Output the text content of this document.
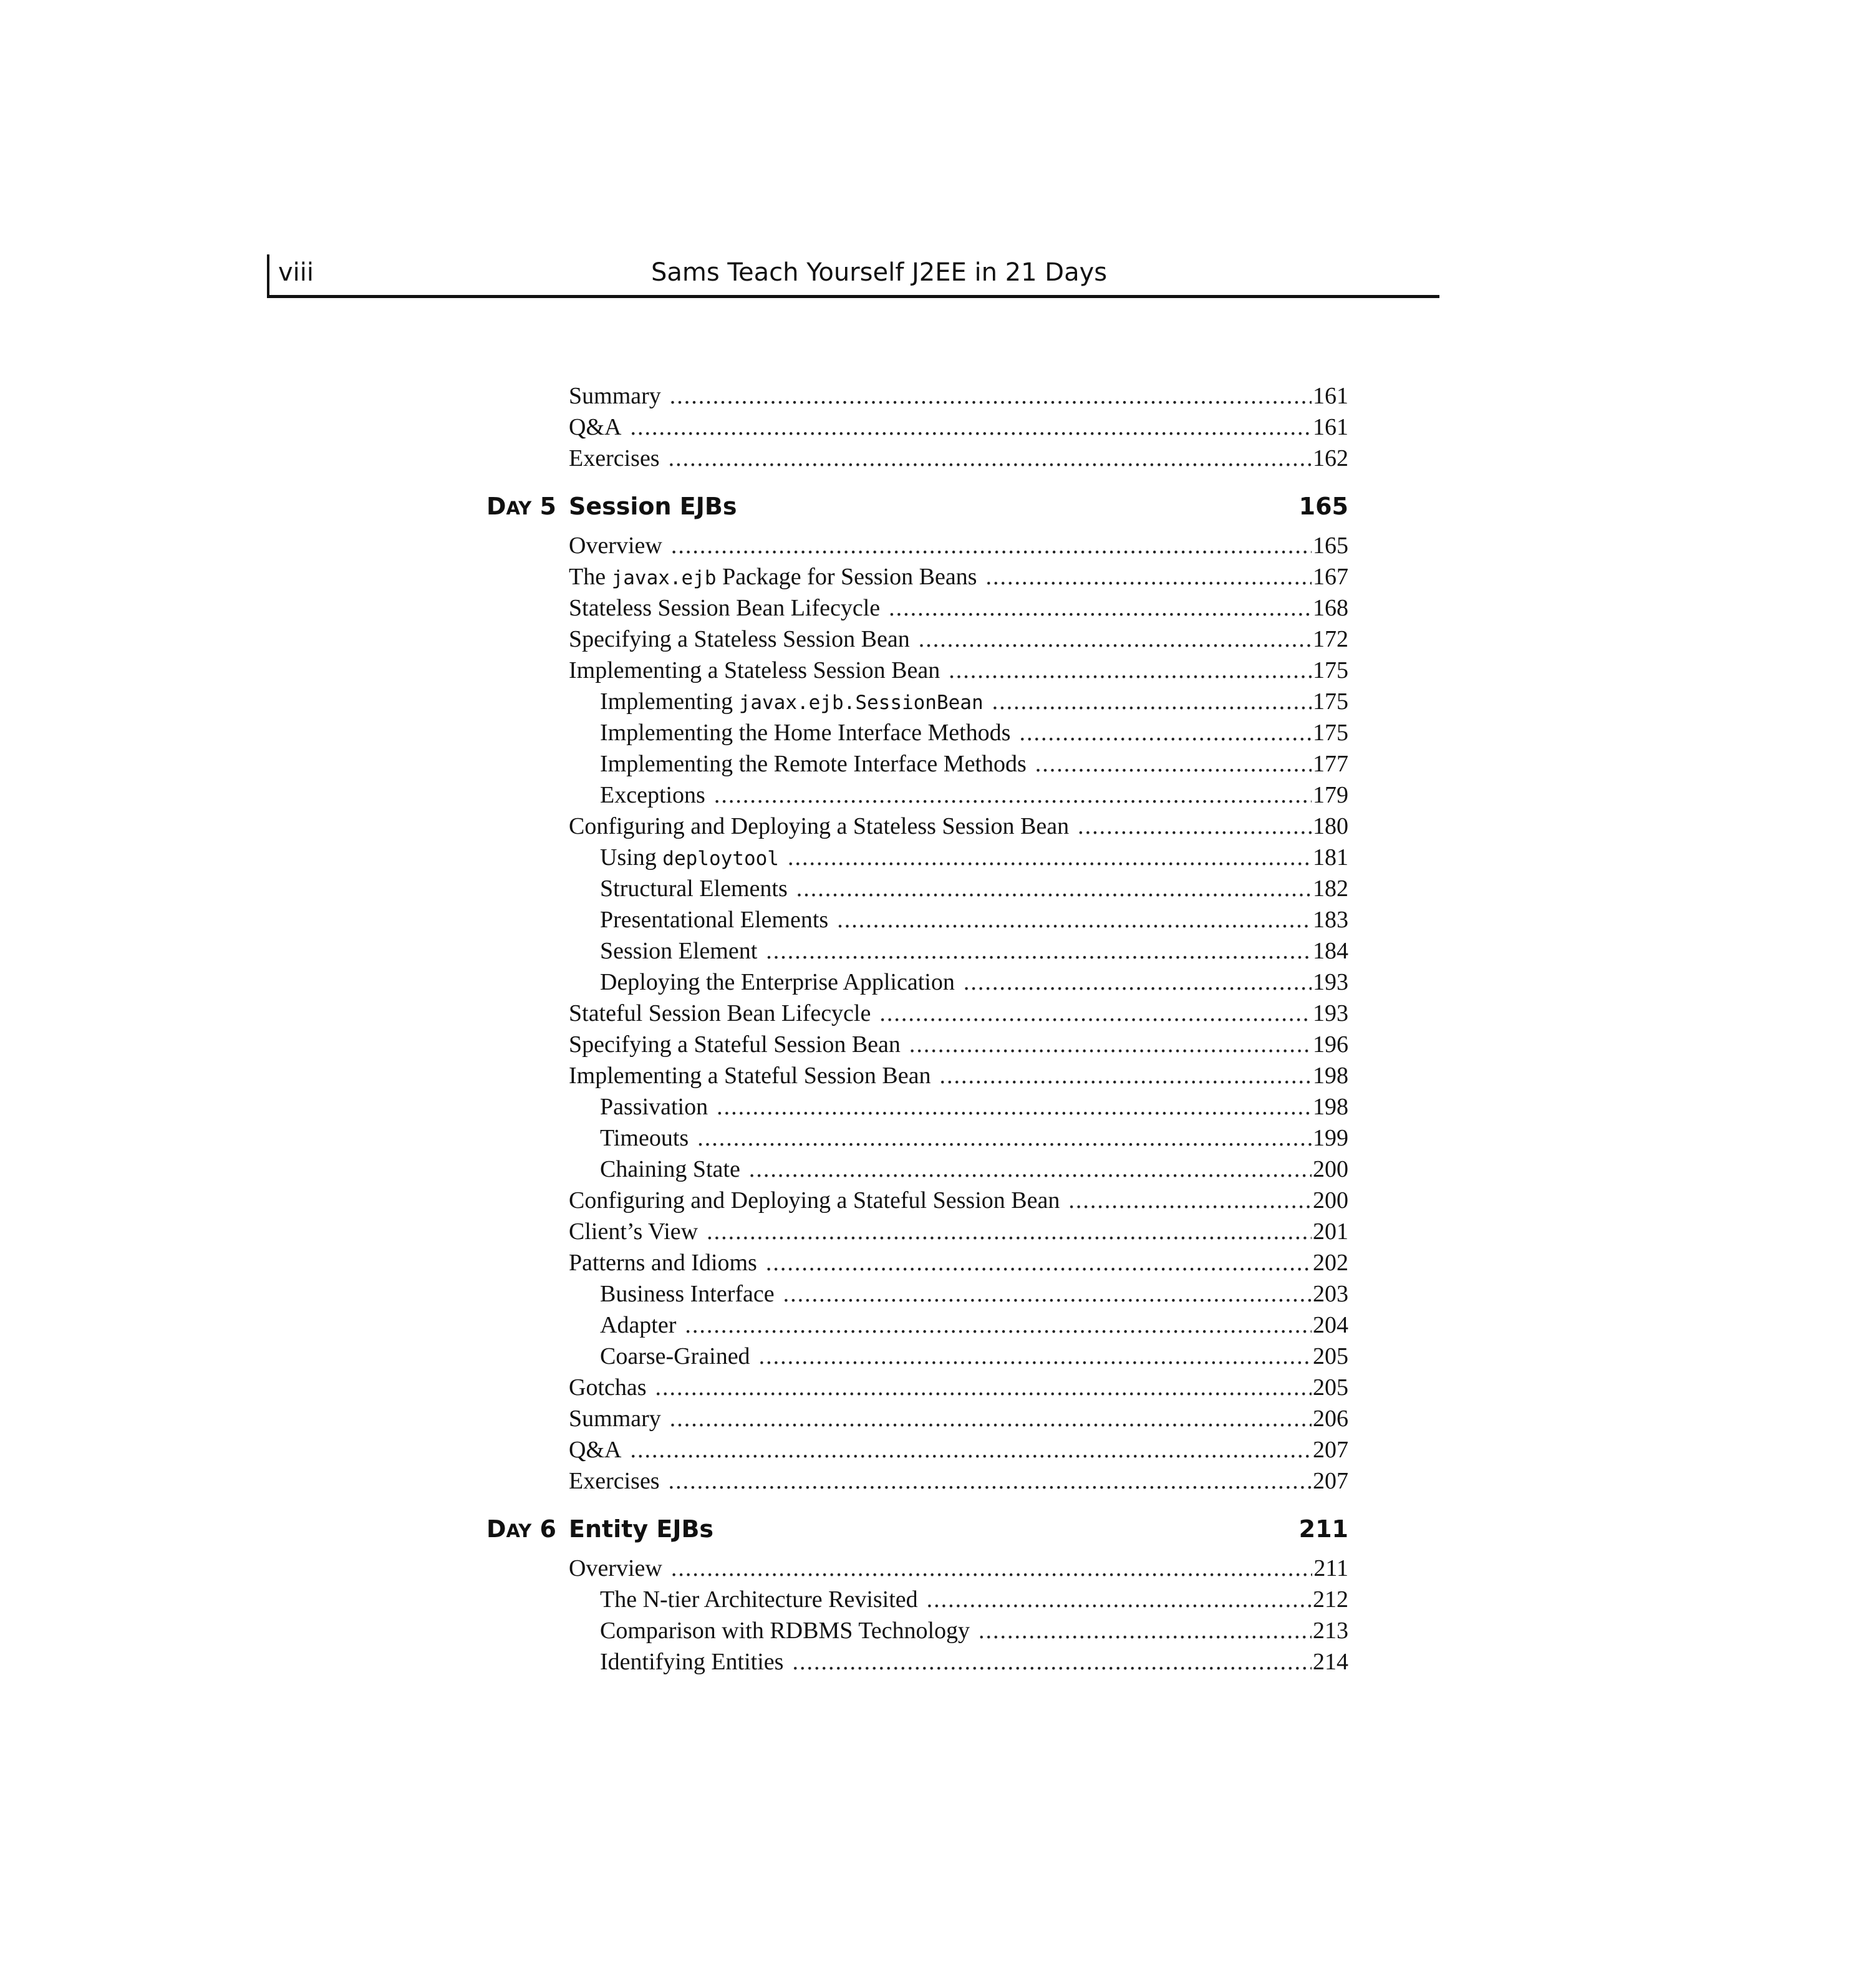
viii	Sams Teach Yourself J2EE in 21 Days
Summary .....	161
Q&A .....	161
Exercises .....	162
DAY 5 Session EJBs	165
Overview .....	165
The javax.ejb Package for Session Beans .....	167
Stateless Session Bean Lifecycle .....	168
Specifying a Stateless Session Bean .....	172
Implementing a Stateless Session Bean .....	175
Implementing javax.ejb.SessionBean .....	175
Implementing the Home Interface Methods .....	175
Implementing the Remote Interface Methods .....	177
Exceptions .....	179
Configuring and Deploying a Stateless Session Bean .....	180
Using deploytool .....	181
Structural Elements .....	182
Presentational Elements .....	183
Session Element .....	184
Deploying the Enterprise Application .....	193
Stateful Session Bean Lifecycle .....	193
Specifying a Stateful Session Bean .....	196
Implementing a Stateful Session Bean .....	198
Passivation .....	198
Timeouts .....	199
Chaining State .....	200
Configuring and Deploying a Stateful Session Bean .....	200
Client’s View .....	201
Patterns and Idioms .....	202
Business Interface .....	203
Adapter .....	204
Coarse-Grained .....	205
Gotchas .....	205
Summary .....	206
Q&A .....	207
Exercises .....	207
DAY 6 Entity EJBs	211
Overview .....	211
The N-tier Architecture Revisited .....	212
Comparison with RDBMS Technology .....	213
Identifying Entities .....	214
